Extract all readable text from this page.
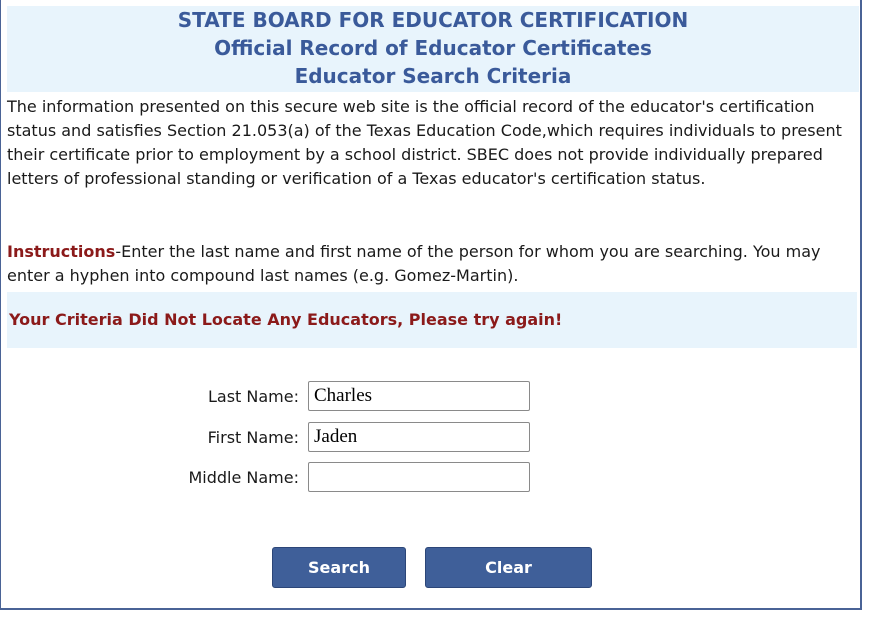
STATE BOARD FOR EDUCATOR CERTIFICATION
Official Record of Educator Certificates
Educator Search Criteria
The information presented on this secure web site is the official record of the educator's certification status and satisfies Section 21.053(a) of the Texas Education Code,which requires individuals to present their certificate prior to employment by a school district. SBEC does not provide individually prepared letters of professional standing or verification of a Texas educator's certification status.
Instructions-Enter the last name and first name of the person for whom you are searching. You may enter a hyphen into compound last names (e.g. Gomez-Martin).
Your Criteria Did Not Locate Any Educators, Please try again!
Last Name:
Charles
First Name:
Jaden
Middle Name:
Search	Clear
